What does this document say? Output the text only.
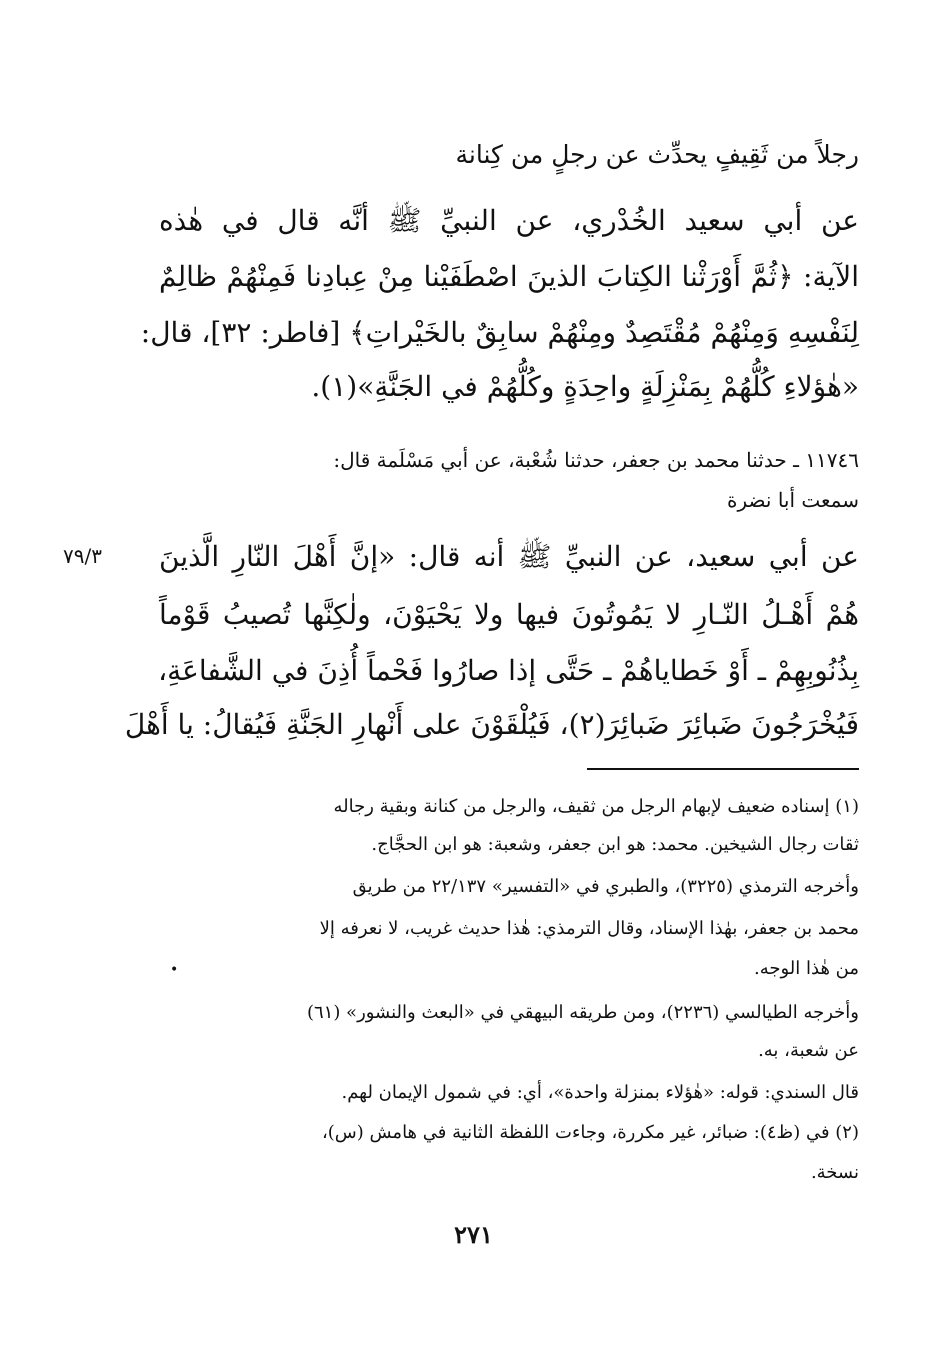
رجلاً من ثَقِيفٍ يحدِّث عن رجلٍ من كِنانة

عن أبي سعيد الخُدْري، عن النبيِّ ﷺ أنَّه قال في هٰذه

الآية: ﴿ثُمَّ أَوْرَثْنا الكِتابَ الذينَ اصْطَفَيْنا مِنْ عِبادِنا فَمِنْهُمْ ظالِمٌ

لِنَفْسِهِ وَمِنْهُمْ مُقْتَصِدٌ ومِنْهُمْ سابِقٌ بالخَيْراتِ﴾ [فاطر: ٣٢]، قال:

«هٰؤلاءِ كُلُّهُمْ بِمَنْزِلَةٍ واحِدَةٍ وكُلُّهُمْ في الجَنَّةِ»(١).

١١٧٤٦ ـ حدثنا محمد بن جعفر، حدثنا شُعْبة، عن أبي مَسْلَمة قال:

سمعت أبا نضرة

٧٩/٣ عن أبي سعيد، عن النبيِّ ﷺ أنه قال: «إنَّ أَهْلَ النّارِ الَّذينَ

هُمْ أَهْـلُ النّـارِ لا يَمُوتُونَ فيها ولا يَحْيَوْنَ، ولٰكِنَّها تُصيبُ قَوْماً

بِذُنُوبِهِمْ ـ أَوْ خَطاياهُمْ ـ حَتَّى إذا صارُوا فَحْماً أُذِنَ في الشَّفاعَةِ،

فَيُخْرَجُونَ ضَبائِرَ ضَبائِرَ(٢)، فَيُلْقَوْنَ على أَنْهارِ الجَنَّةِ فَيُقالُ: يا أَهْلَ

(١) إسناده ضعيف لإبهام الرجل من ثقيف، والرجل من كنانة وبقية رجاله

ثقات رجال الشيخين. محمد: هو ابن جعفر، وشعبة: هو ابن الحجَّاج.

وأخرجه الترمذي (٣٢٢٥)، والطبري في «التفسير» ٢٢/١٣٧ من طريق

محمد بن جعفر، بهٰذا الإسناد، وقال الترمذي: هٰذا حديث غريب، لا نعرفه إلا

من هٰذا الوجه.

•

وأخرجه الطيالسي (٢٢٣٦)، ومن طريقه البيهقي في «البعث والنشور» (٦١)

عن شعبة، به.

قال السندي: قوله: «هٰؤلاء بمنزلة واحدة»، أي: في شمول الإيمان لهم.

(٢) في (ظ٤): ضبائر، غير مكررة، وجاءت اللفظة الثانية في هامش (س)،

نسخة.

٢٧١
